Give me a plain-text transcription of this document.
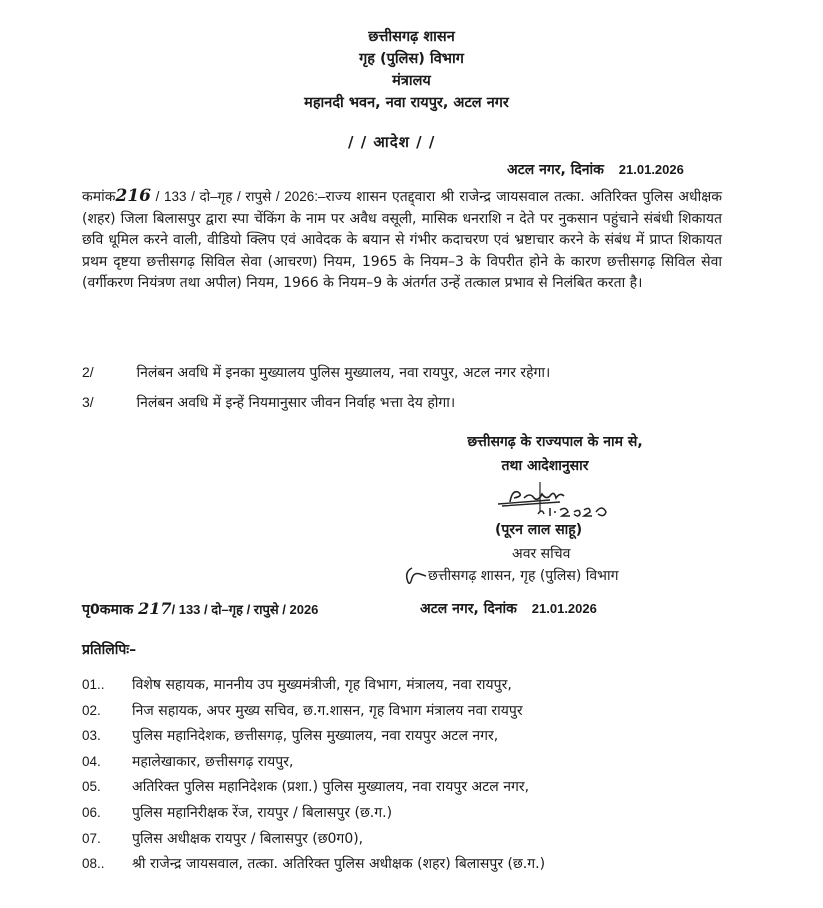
छत्तीसगढ़ शासन
गृह (पुलिस) विभाग
मंत्रालय
महानदी भवन, नवा रायपुर, अटल नगर
/ / आदेश / /
अटल नगर, दिनांक 21.01.2026
कमांक216 / 133 / दो–गृह / रापुसे / 2026:–राज्य शासन एतद्द्वारा श्री राजेन्द्र जायसवाल तत्का. अतिरिक्त पुलिस अधीक्षक (शहर) जिला बिलासपुर द्वारा स्पा चेंकिंग के नाम पर अवैध वसूली, मासिक धनराशि न देते पर नुकसान पहुंचाने संबंधी शिकायत छवि धूमिल करने वाली, वीडियो क्लिप एवं आवेदक के बयान से गंभीर कदाचरण एवं भ्रष्टाचार करने के संबंध में प्राप्त शिकायत प्रथम दृष्टया छत्तीसगढ़ सिविल सेवा (आचरण) नियम, 1965 के नियम–3 के विपरीत होने के कारण छत्तीसगढ़ सिविल सेवा (वर्गीकरण नियंत्रण तथा अपील) नियम, 1966 के नियम–9 के अंतर्गत उन्हें तत्काल प्रभाव से निलंबित करता है।
2/	निलंबन अवधि में इनका मुख्यालय पुलिस मुख्यालय, नवा रायपुर, अटल नगर रहेगा।
3/	निलंबन अवधि में इन्हें नियमानुसार जीवन निर्वाह भत्ता देय होगा।
छत्तीसगढ़ के राज्यपाल के नाम से,
तथा आदेशानुसार
(पूरन लाल साहू)
अवर सचिव
छत्तीसगढ़ शासन, गृह (पुलिस) विभाग
पृ0कमाक 217/ 133 / दो–गृह / रापुसे / 2026	अटल नगर, दिनांक 21.01.2026
प्रतिलिपिः–
01.. विशेष सहायक, माननीय उप मुख्यमंत्रीजी, गृह विभाग, मंत्रालय, नवा रायपुर,
02. निज सहायक, अपर मुख्य सचिव, छ.ग.शासन, गृह विभाग मंत्रालय नवा रायपुर
03. पुलिस महानिदेशक, छत्तीसगढ़, पुलिस मुख्यालय, नवा रायपुर अटल नगर,
04. महालेखाकार, छत्तीसगढ़ रायपुर,
05. अतिरिक्त पुलिस महानिदेशक (प्रशा.) पुलिस मुख्यालय, नवा रायपुर अटल नगर,
06. पुलिस महानिरीक्षक रेंज, रायपुर / बिलासपुर (छ.ग.)
07. पुलिस अधीक्षक रायपुर / बिलासपुर (छ0ग0),
08.. श्री राजेन्द्र जायसवाल, तत्का. अतिरिक्त पुलिस अधीक्षक (शहर) बिलासपुर (छ.ग.)
